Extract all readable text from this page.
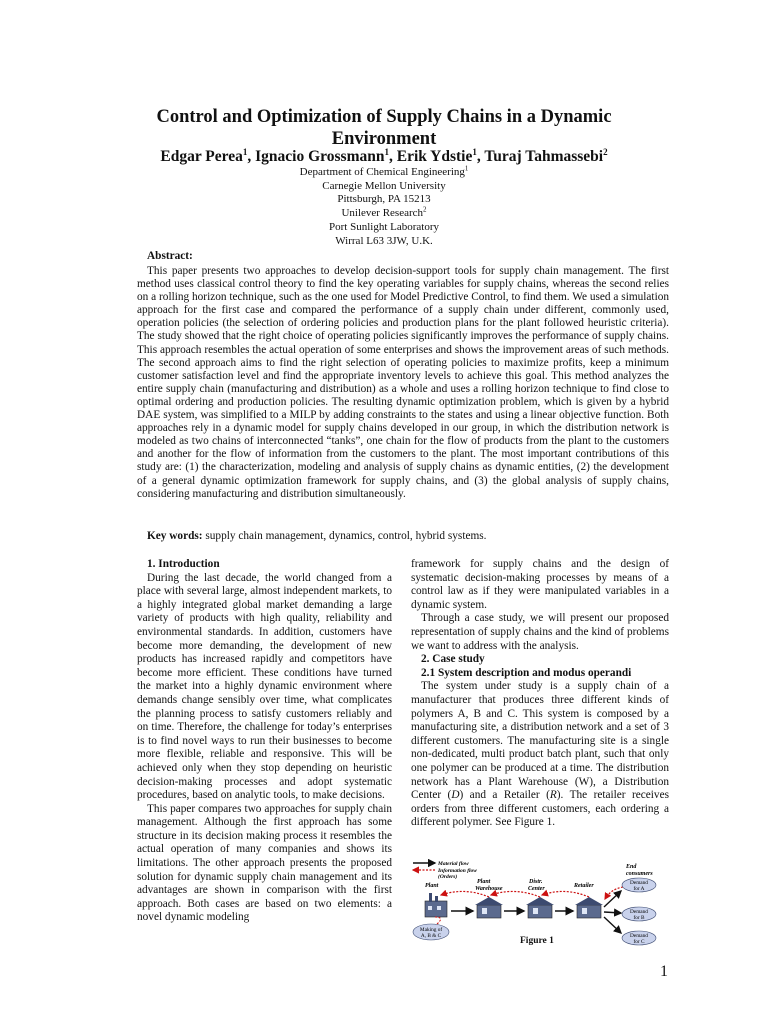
Control and Optimization of Supply Chains in a Dynamic
Environment
Edgar Perea$^1$, Ignacio Grossmann$^1$, Erik Ydstie$^1$, Turaj Tahmassebi$^2$
Department of Chemical Engineering$^1$
Carnegie Mellon University
Pittsburgh, PA 15213
Unilever Research$^2$
Port Sunlight Laboratory
Wirral L63 3JW, U.K.
Abstract:

This paper presents two approaches to develop decision-support tools for supply chain management. The first method uses classical control theory to find the key operating variables for supply chains, whereas the second relies on a rolling horizon technique, such as the one used for Model Predictive Control, to find them. We used a simulation approach for the first case and compared the performance of a supply chain under different, commonly used, operation policies (the selection of ordering policies and production plans for the plant followed heuristic criteria). The study showed that the right choice of operating policies significantly improves the performance of supply chains. This approach resembles the actual operation of some enterprises and shows the improvement areas of such methods. The second approach aims to find the right selection of operating policies to maximize profits, keep a minimum customer satisfaction level and find the appropriate inventory levels to achieve this goal. This method analyzes the entire supply chain (manufacturing and distribution) as a whole and uses a rolling horizon technique to find close to optimal ordering and production policies. The resulting dynamic optimization problem, which is given by a hybrid DAE system, was simplified to a MILP by adding constraints to the states and using a linear objective function. Both approaches rely in a dynamic model for supply chains developed in our group, in which the distribution network is modeled as two chains of interconnected “tanks”, one chain for the flow of products from the plant to the customers and another for the flow of information from the customers to the plant. The most important contributions of this study are: (1) the characterization, modeling and analysis of supply chains as dynamic entities, (2) the development of a general dynamic optimization framework for supply chains, and (3) the global analysis of supply chains, considering manufacturing and distribution simultaneously.

Key words: supply chain management, dynamics, control, hybrid systems.
1. Introduction

During the last decade, the world changed from a place with several large, almost independent markets, to a highly integrated global market demanding a large variety of products with high quality, reliability and environmental standards. In addition, customers have become more demanding, the development of new products has increased rapidly and competitors have become more efficient. These conditions have turned the market into a highly dynamic environment where demands change sensibly over time, what complicates the planning process to satisfy customers reliably and on time. Therefore, the challenge for today’s enterprises is to find novel ways to run their businesses to become more flexible, reliable and responsive. This will be achieved only when they stop depending on heuristic decision-making processes and adopt systematic procedures, based on analytic tools, to make decisions.

This paper compares two approaches for supply chain management. Although the first approach has some structure in its decision making process it resembles the actual operation of many companies and shows its limitations. The other approach presents the proposed solution for dynamic supply chain management and its advantages are shown in comparison with the first approach. Both cases are based on two elements: a novel dynamic modeling

framework for supply chains and the design of systematic decision-making processes by means of a control law as if they were manipulated variables in a dynamic system.

Through a case study, we will present our proposed representation of supply chains and the kind of problems we want to address with the analysis.

2. Case study
2.1 System description and modus operandi

The system under study is a supply chain of a manufacturer that produces three different kinds of polymers A, B and C. This system is composed by a manufacturing site, a distribution network and a set of 3 different customers. The manufacturing site is a single non-dedicated, multi product batch plant, such that only one polymer can be produced at a time. The distribution network has a Plant Warehouse (W), a Distribution Center (D) and a Retailer (R). The retailer receives orders from three different customers, each ordering a different polymer. See Figure 1.

Material flow
Information flow
(Orders)
Plant
Plant
Warehouse
Distr.
Center	Retailer
End
consumers
Demand
for A
Demand
for B
Demand
for C
Making of
A, B & C	Figure 1
1
